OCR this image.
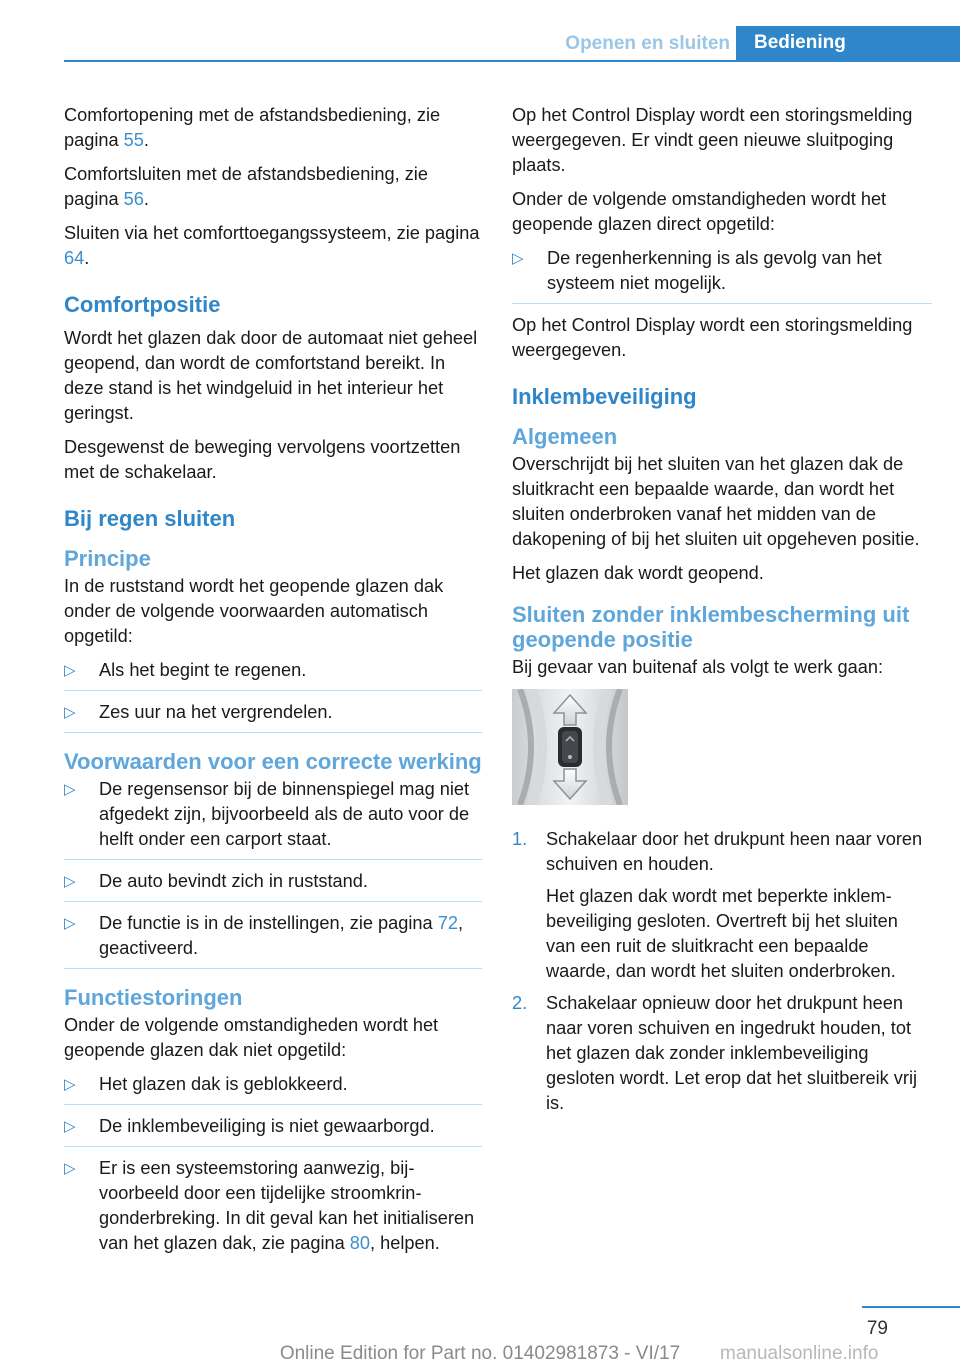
Openen en sluiten	Bediening

Comfortopening met de afstandsbediening, zie pagina 55.

Comfortsluiten met de afstandsbediening, zie pagina 56.

Sluiten via het comforttoegangssysteem, zie pagina 64.

Comfortpositie

Wordt het glazen dak door de automaat niet geheel geopend, dan wordt de comfortstand bereikt. In deze stand is het windgeluid in het interieur het geringst.

Desgewenst de beweging vervolgens voortzetten met de schakelaar.

Bij regen sluiten
Principe

In de ruststand wordt het geopende glazen dak onder de volgende voorwaarden automatisch opgetild:

▷ Als het begint te regenen.
▷ Zes uur na het vergrendelen.
Voorwaarden voor een correcte werking
▷ De regensensor bij de binnenspiegel mag niet afgedekt zijn, bijvoorbeeld als de auto voor de helft onder een carport staat.
▷ De auto bevindt zich in ruststand.
▷ De functie is in de instellingen, zie pagina 72, geactiveerd.
Functiestoringen

Onder de volgende omstandigheden wordt het geopende glazen dak niet opgetild:

▷ Het glazen dak is geblokkeerd.
▷ De inklembeveiliging is niet gewaarborgd.
▷ Er is een systeemstoring aanwezig, bijvoorbeeld door een tijdelijke stroomkringonderbreking. In dit geval kan het initialiseren van het glazen dak, zie pagina 80, helpen.

Op het Control Display wordt een storingsmelding weergegeven. Er vindt geen nieuwe sluitpoging plaats.

Onder de volgende omstandigheden wordt het geopende glazen direct opgetild:

▷ De regenherkenning is als gevolg van het systeem niet mogelijk.

Op het Control Display wordt een storingsmelding weergegeven.

Inklembeveiliging
Algemeen

Overschrijdt bij het sluiten van het glazen dak de sluitkracht een bepaalde waarde, dan wordt het sluiten onderbroken vanaf het midden van de dakopening of bij het sluiten uit opgeheven positie.

Het glazen dak wordt geopend.

Sluiten zonder inklembescherming uit geopende positie

Bij gevaar van buitenaf als volgt te werk gaan:

1. Schakelaar door het drukpunt heen naar voren schuiven en houden.

Het glazen dak wordt met beperkte inklembeveiliging gesloten. Overtreft bij het sluiten van een ruit de sluitkracht een bepaalde waarde, dan wordt het sluiten onderbroken.

2. Schakelaar opnieuw door het drukpunt heen naar voren schuiven en ingedrukt houden, tot het glazen dak zonder inklembeveiliging gesloten wordt. Let erop dat het sluitbereik vrij is.

79
Online Edition for Part no. 01402981873 - VI/17	manualsonline.info
